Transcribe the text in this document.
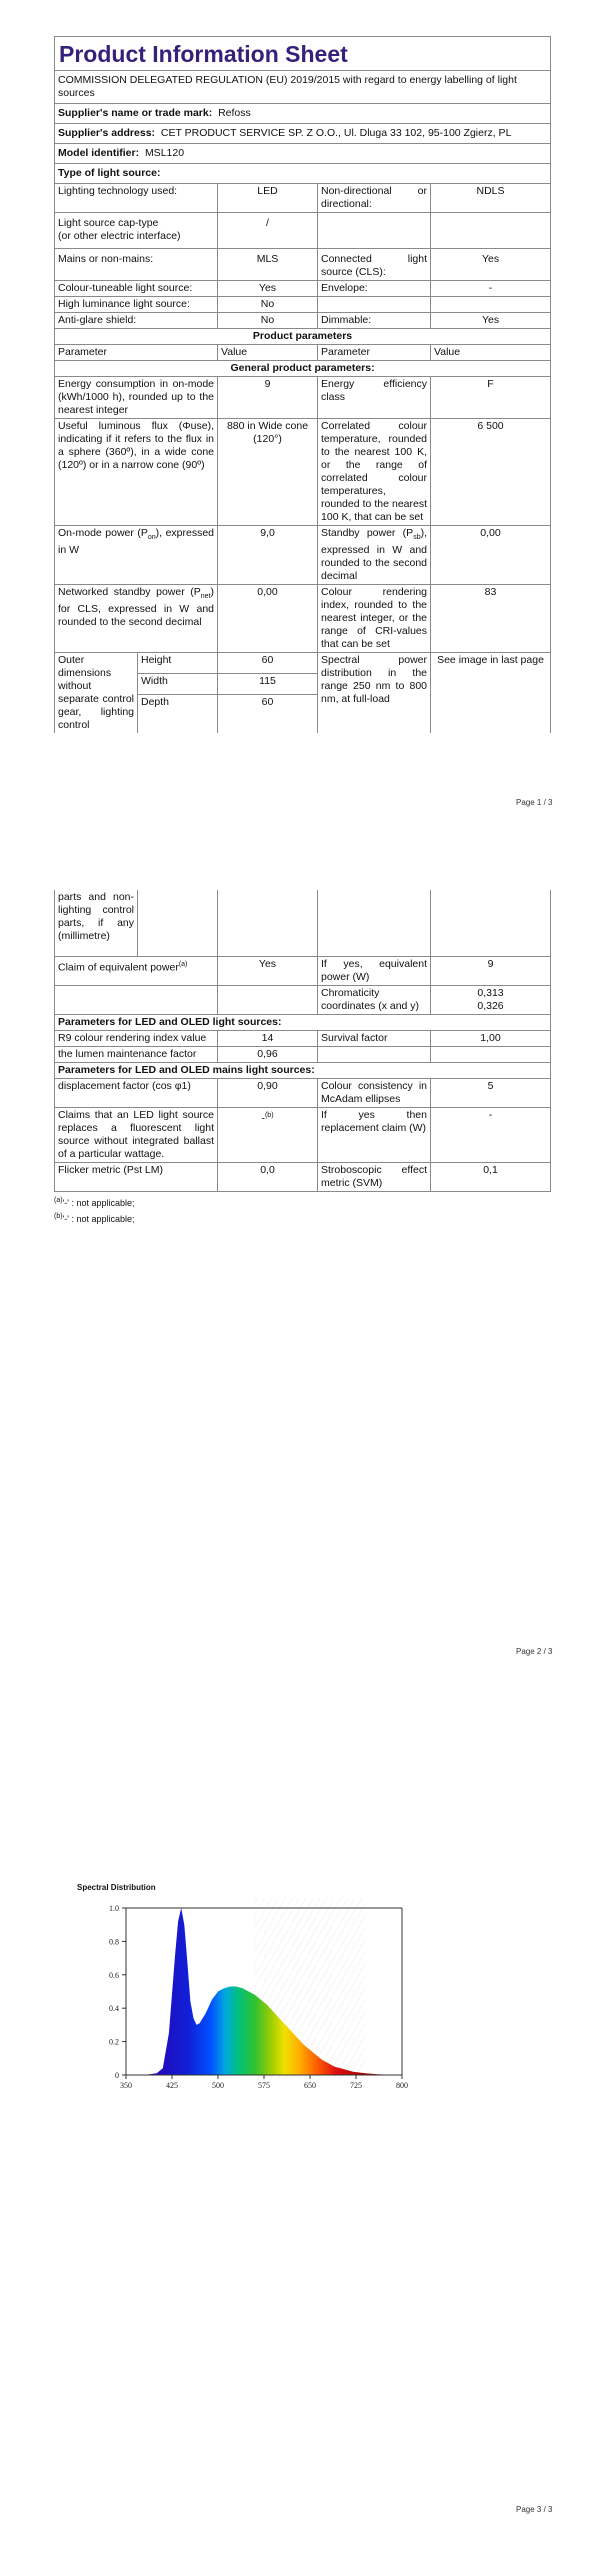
Product Information Sheet			
COMMISSION DELEGATED REGULATION (EU) 2019/2015 with regard to energy labelling of light sources			
Supplier's name or trade mark: Refoss			
Supplier's address: CET PRODUCT SERVICE SP. Z O.O., Ul. Dluga 33 102, 95-100 Zgierz, PL			
Model identifier: MSL120			
Type of light source:			
Lighting technology used:	LED	Non-directional or directional:	NDLS

Light source cap-type
(or other electric interface)	/		
Mains or non-mains:	MLS	Connected light source (CLS):	Yes
Colour-tuneable light source:	Yes	Envelope:	-
High luminance light source:	No		
Anti-glare shield:	No	Dimmable:	Yes
Product parameters			
Parameter	Value	Parameter	Value
General product parameters:			
Energy consumption in on-mode (kWh/1000 h), rounded up to the nearest integer		9	Energy efficiency class	F
Useful luminous flux (Φuse), indicating if it refers to the flux in a sphere (360º), in a wide cone (120º) or in a narrow cone (90º)		880 in Wide cone (120°)	Correlated colour temperature, rounded to the nearest 100 K, or the range of correlated colour temperatures, rounded to the nearest 100 K, that can be set	6 500
On-mode power $(P_{on})$, expressed in W		9,0	Standby power $(P_{sb})$, expressed in W and rounded to the second decimal	0,00
Networked standby power $(P_{net})$ for CLS, expressed in W and rounded to the second decimal		0,00	Colour rendering index, rounded to the nearest integer, or the range of CRI-values that can be set	83
Outer dimensions without separate control gear, lighting control	Height	60	Spectral power distribution in the range 250 nm to 800 nm, at full-load	See image in last page
	Width	115		
	Depth	60		
Page 1 / 3
parts and non-lighting control parts, if any (millimetre)				
Claim of equivalent power$^{(a)}$		Yes	If yes, equivalent power (W)	9
			Chromaticity coordinates (x and y)	0,313
0,326

Parameters for LED and OLED light sources:				
R9 colour rendering index value		14	Survival factor	1,00
the lumen maintenance factor		0,96		
Parameters for LED and OLED mains light sources:				
displacement factor (cos φ1)		0,90	Colour consistency in McAdam ellipses	5
Claims that an LED light source replaces a fluorescent light source without integrated ballast of a particular wattage.		-$^{(b)}$	If yes then replacement claim (W)	-
Flicker metric (Pst LM)		0,0	Stroboscopic effect metric (SVM)	0,1

$^{(a)}$'-' : not applicable;

$^{(b)}$'-' : not applicable;

Page 2 / 3
Page 3 / 3
Spectral Distribution
0
0.2
0.4
0.6
0.8
1.0
350	425	500	575	650	725	800
